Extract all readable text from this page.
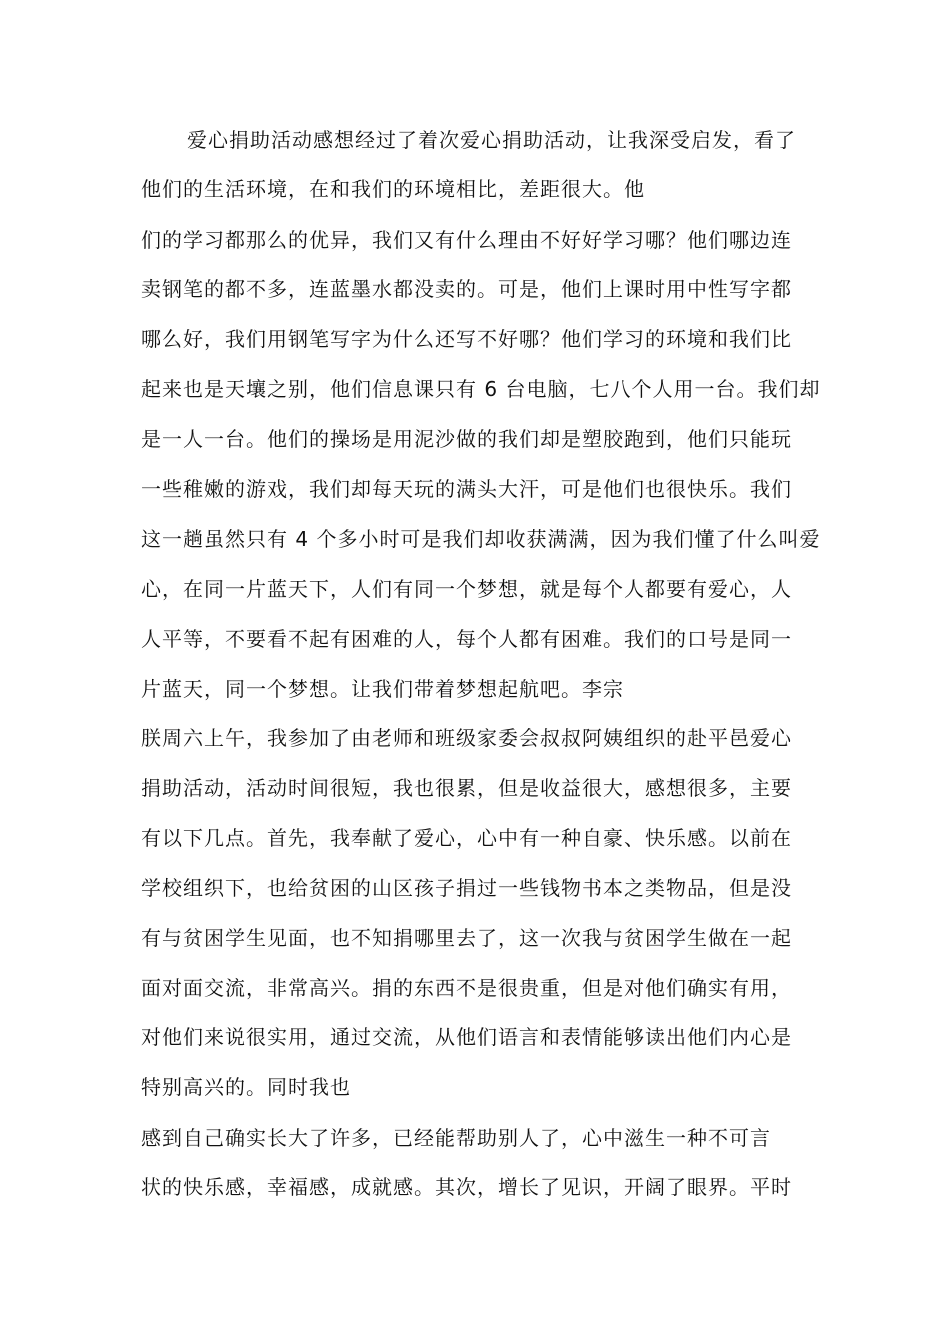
爱心捐助活动感想经过了着次爱心捐助活动，让我深受启发，看了
他们的生活环境，在和我们的环境相比，差距很大。他
们的学习都那么的优异，我们又有什么理由不好好学习哪？他们哪边连
卖钢笔的都不多，连蓝墨水都没卖的。可是，他们上课时用中性写字都
哪么好，我们用钢笔写字为什么还写不好哪？他们学习的环境和我们比
起来也是天壤之别，他们信息课只有 6 台电脑，七八个人用一台。我们却
是一人一台。他们的操场是用泥沙做的我们却是塑胶跑到，他们只能玩
一些稚嫩的游戏，我们却每天玩的满头大汗，可是他们也很快乐。我们
这一趟虽然只有 4 个多小时可是我们却收获满满，因为我们懂了什么叫爱
心，在同一片蓝天下，人们有同一个梦想，就是每个人都要有爱心，人
人平等，不要看不起有困难的人，每个人都有困难。我们的口号是同一
片蓝天，同一个梦想。让我们带着梦想起航吧。李宗
朕周六上午，我参加了由老师和班级家委会叔叔阿姨组织的赴平邑爱心
捐助活动，活动时间很短，我也很累，但是收益很大，感想很多，主要
有以下几点。首先，我奉献了爱心，心中有一种自豪、快乐感。以前在
学校组织下，也给贫困的山区孩子捐过一些钱物书本之类物品，但是没
有与贫困学生见面，也不知捐哪里去了，这一次我与贫困学生做在一起
面对面交流，非常高兴。捐的东西不是很贵重，但是对他们确实有用，
对他们来说很实用，通过交流，从他们语言和表情能够读出他们内心是
特别高兴的。同时我也
感到自己确实长大了许多，已经能帮助别人了，心中滋生一种不可言
状的快乐感，幸福感，成就感。其次，增长了见识，开阔了眼界。平时
